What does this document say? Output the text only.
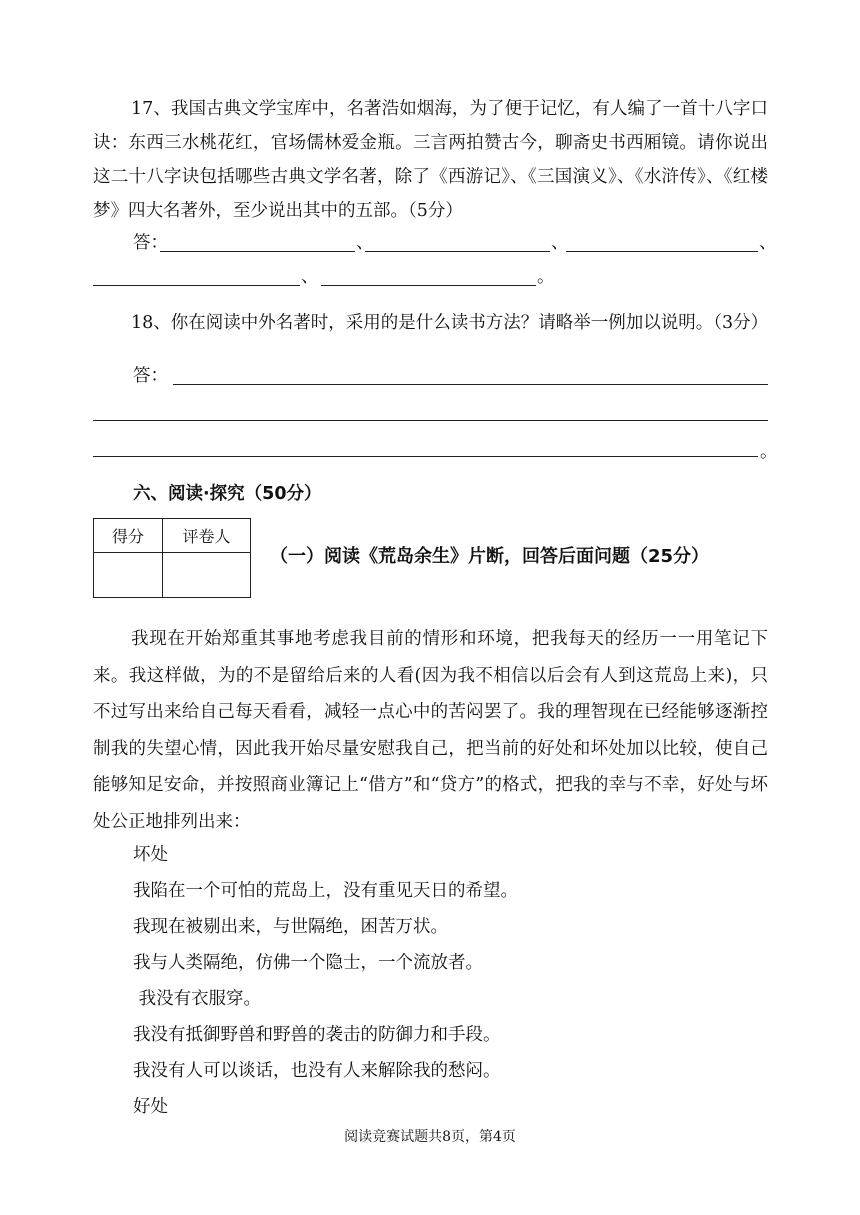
17、我国古典文学宝库中，名著浩如烟海，为了便于记忆，有人编了一首十八字口诀：东西三水桃花红，官场儒林爱金瓶。三言两拍赞古今，聊斋史书西厢镜。请你说出这二十八字诀包括哪些古典文学名著，除了《西游记》、《三国演义》、《水浒传》、《红楼梦》四大名著外，至少说出其中的五部。（5分）
答：	、	、	、
、	。
18、你在阅读中外名著时，采用的是什么读书方法？请略举一例加以说明。（3分）
答：
。
六、阅读·探究（50分）
得分	评卷人

（一）阅读《荒岛余生》片断，回答后面问题（25分）
我现在开始郑重其事地考虑我目前的情形和环境，把我每天的经历一一用笔记下来。我这样做，为的不是留给后来的人看(因为我不相信以后会有人到这荒岛上来)，只不过写出来给自己每天看看，减轻一点心中的苦闷罢了。我的理智现在已经能够逐渐控制我的失望心情，因此我开始尽量安慰我自己，把当前的好处和坏处加以比较，使自己能够知足安命，并按照商业簿记上“借方”和“贷方”的格式，把我的幸与不幸，好处与坏处公正地排列出来：
坏处
我陷在一个可怕的荒岛上，没有重见天日的希望。
我现在被剔出来，与世隔绝，困苦万状。
我与人类隔绝，仿佛一个隐士，一个流放者。
我没有衣服穿。
我没有抵御野兽和野兽的袭击的防御力和手段。
我没有人可以谈话，也没有人来解除我的愁闷。
好处
阅读竞赛试题共8页，第4页
